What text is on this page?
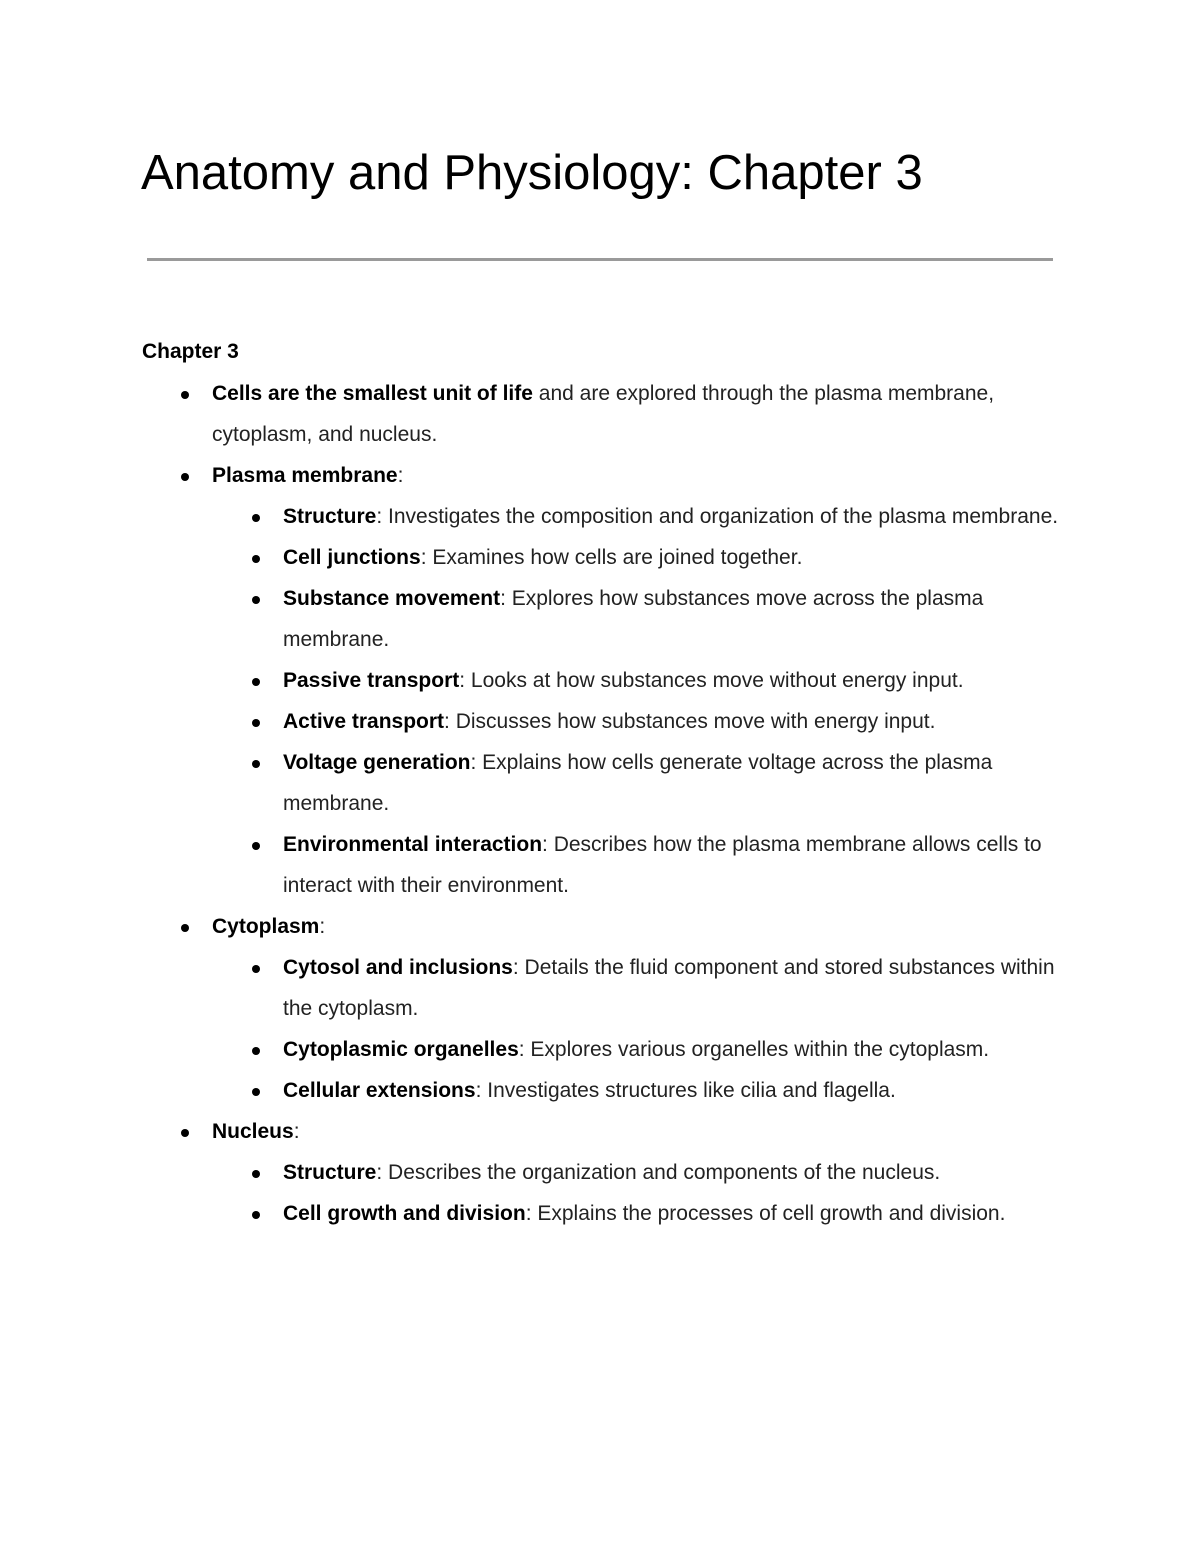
Anatomy and Physiology: Chapter 3
Chapter 3
Cells are the smallest unit of life and are explored through the plasma membrane, cytoplasm, and nucleus.
Plasma membrane:
Structure: Investigates the composition and organization of the plasma membrane.
Cell junctions: Examines how cells are joined together.
Substance movement: Explores how substances move across the plasma membrane.
Passive transport: Looks at how substances move without energy input.
Active transport: Discusses how substances move with energy input.
Voltage generation: Explains how cells generate voltage across the plasma membrane.
Environmental interaction: Describes how the plasma membrane allows cells to interact with their environment.
Cytoplasm:
Cytosol and inclusions: Details the fluid component and stored substances within the cytoplasm.
Cytoplasmic organelles: Explores various organelles within the cytoplasm.
Cellular extensions: Investigates structures like cilia and flagella.
Nucleus:
Structure: Describes the organization and components of the nucleus.
Cell growth and division: Explains the processes of cell growth and division.
